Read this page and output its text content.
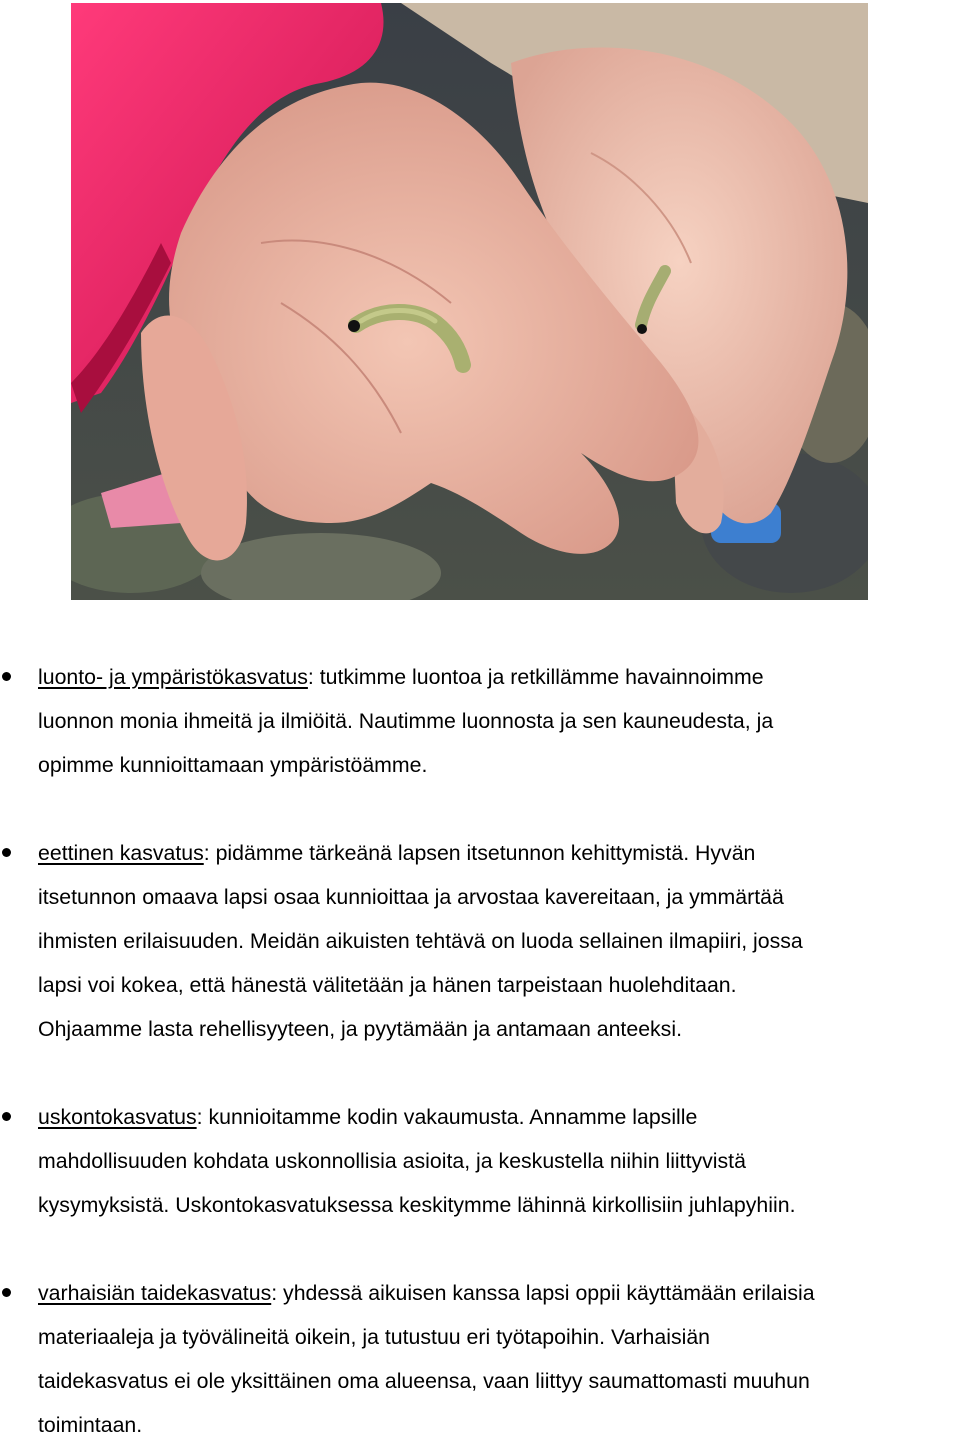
luonto- ja ympäristökasvatus: tutkimme luontoa ja retkillämme havainnoimme
luonnon monia ihmeitä ja ilmiöitä. Nautimme luonnosta ja sen kauneudesta, ja
opimme kunnioittamaan ympäristöämme.
eettinen kasvatus: pidämme tärkeänä lapsen itsetunnon kehittymistä. Hyvän
itsetunnon omaava lapsi osaa kunnioittaa ja arvostaa kavereitaan, ja ymmärtää
ihmisten erilaisuuden. Meidän aikuisten tehtävä on luoda sellainen ilmapiiri, jossa
lapsi voi kokea, että hänestä välitetään ja hänen tarpeistaan huolehditaan.
Ohjaamme lasta rehellisyyteen, ja pyytämään ja antamaan anteeksi.
uskontokasvatus: kunnioitamme kodin vakaumusta. Annamme lapsille
mahdollisuuden kohdata uskonnollisia asioita, ja keskustella niihin liittyvistä
kysymyksistä. Uskontokasvatuksessa keskitymme lähinnä kirkollisiin juhlapyhiin.
varhaisiän taidekasvatus: yhdessä aikuisen kanssa lapsi oppii käyttämään erilaisia
materiaaleja ja työvälineitä oikein, ja tutustuu eri työtapoihin. Varhaisiän
taidekasvatus ei ole yksittäinen oma alueensa, vaan liittyy saumattomasti muuhun
toimintaan.
